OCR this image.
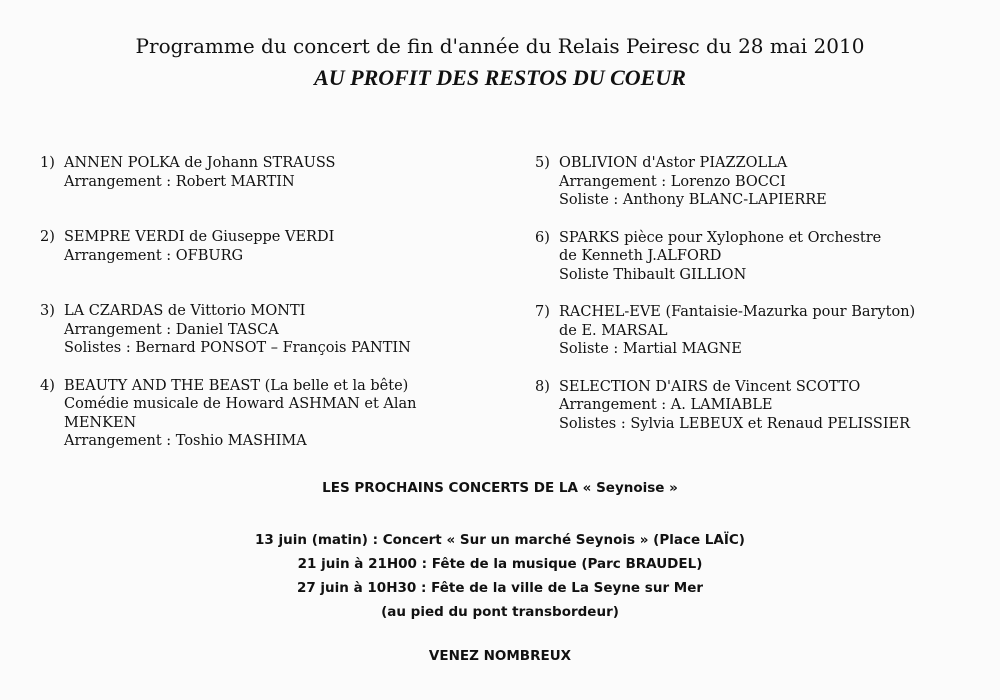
Programme du concert de fin d'année du Relais Peiresc du 28 mai 2010
AU PROFIT DES RESTOS DU COEUR
1) ANNEN POLKA de Johann STRAUSS
Arrangement : Robert MARTIN
2) SEMPRE VERDI de Giuseppe VERDI
Arrangement : OFBURG
3) LA CZARDAS de Vittorio MONTI
Arrangement : Daniel TASCA
Solistes : Bernard PONSOT – François PANTIN
4) BEAUTY AND THE BEAST (La belle et la bête)
Comédie musicale de Howard ASHMAN et Alan
MENKEN
Arrangement : Toshio MASHIMA
5) OBLIVION d'Astor PIAZZOLLA
Arrangement : Lorenzo BOCCI
Soliste : Anthony BLANC-LAPIERRE
6) SPARKS pièce pour Xylophone et Orchestre
de Kenneth J.ALFORD
Soliste Thibault GILLION
7) RACHEL-EVE (Fantaisie-Mazurka pour Baryton)
de E. MARSAL
Soliste : Martial MAGNE
8) SELECTION D'AIRS de Vincent SCOTTO
Arrangement : A. LAMIABLE
Solistes : Sylvia LEBEUX et Renaud PELISSIER
LES PROCHAINS CONCERTS DE LA « Seynoise »
13 juin (matin) : Concert « Sur un marché Seynois » (Place LAÏC)
21 juin à 21H00 : Fête de la musique (Parc BRAUDEL)
27 juin à 10H30 : Fête de la ville de La Seyne sur Mer
(au pied du pont transbordeur)
VENEZ NOMBREUX
